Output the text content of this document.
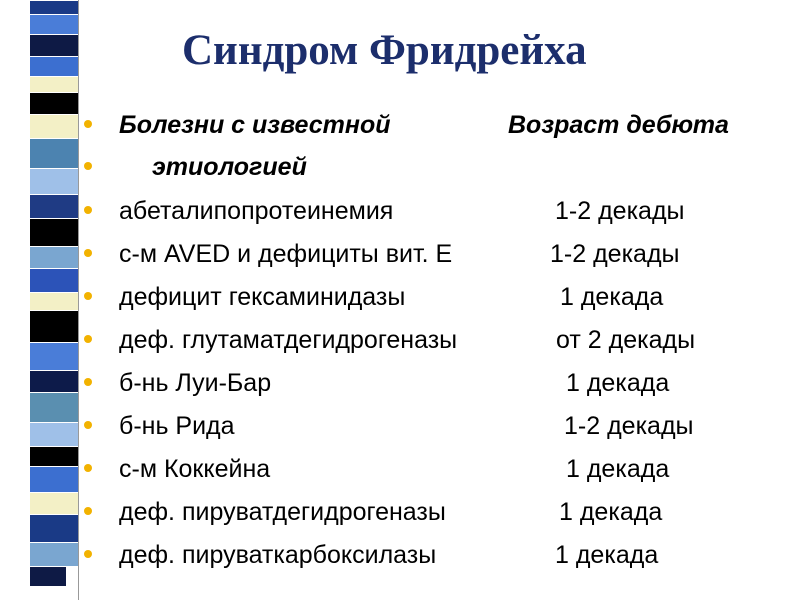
Синдром Фридрейха
Болезни с известной	Возраст дебюта
этиологией
абеталипопротеинемия	1-2 декады
с-м AVED и дефициты вит. Е	1-2 декады
дефицит гексаминидазы	1 декада
деф. глутаматдегидрогеназы	от 2 декады
б-нь Луи-Бар	1 декада
б-нь Рида	1-2 декады
с-м Коккейна	1 декада
деф. пируватдегидрогеназы	1 декада
деф. пируваткарбоксилазы	1 декада
